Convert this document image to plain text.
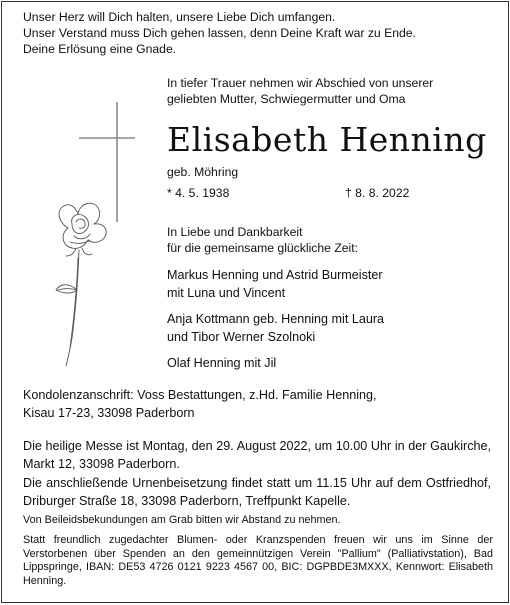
Unser Herz will Dich halten, unsere Liebe Dich umfangen.
Unser Verstand muss Dich gehen lassen, denn Deine Kraft war zu Ende.
Deine Erlösung eine Gnade.
In tiefer Trauer nehmen wir Abschied von unserer
geliebten Mutter, Schwiegermutter und Oma
Elisabeth Henning
geb. Möhring
* 4. 5. 1938	† 8. 8. 2022
In Liebe und Dankbarkeit
für die gemeinsame glückliche Zeit:
Markus Henning und Astrid Burmeister
mit Luna und Vincent
Anja Kottmann geb. Henning mit Laura
und Tibor Werner Szolnoki
Olaf Henning mit Jil
Kondolenzanschrift: Voss Bestattungen, z.Hd. Familie Henning,
Kisau 17-23, 33098 Paderborn
Die heilige Messe ist Montag, den 29. August 2022, um 10.00 Uhr in der Gaukirche, Markt 12, 33098 Paderborn.
Die anschließende Urnenbeisetzung findet statt um 11.15 Uhr auf dem Ostfriedhof, Driburger Straße 18, 33098 Paderborn, Treffpunkt Kapelle.
Von Beileidsbekundungen am Grab bitten wir Abstand zu nehmen.
Statt freundlich zugedachter Blumen- oder Kranzspenden freuen wir uns im Sinne der Verstorbenen über Spenden an den gemeinnützigen Verein "Pallium" (Palliativstation), Bad Lippspringe, IBAN: DE53 4726 0121 9223 4567 00, BIC: DGPBDE3MXXX, Kennwort: Elisabeth Henning.
